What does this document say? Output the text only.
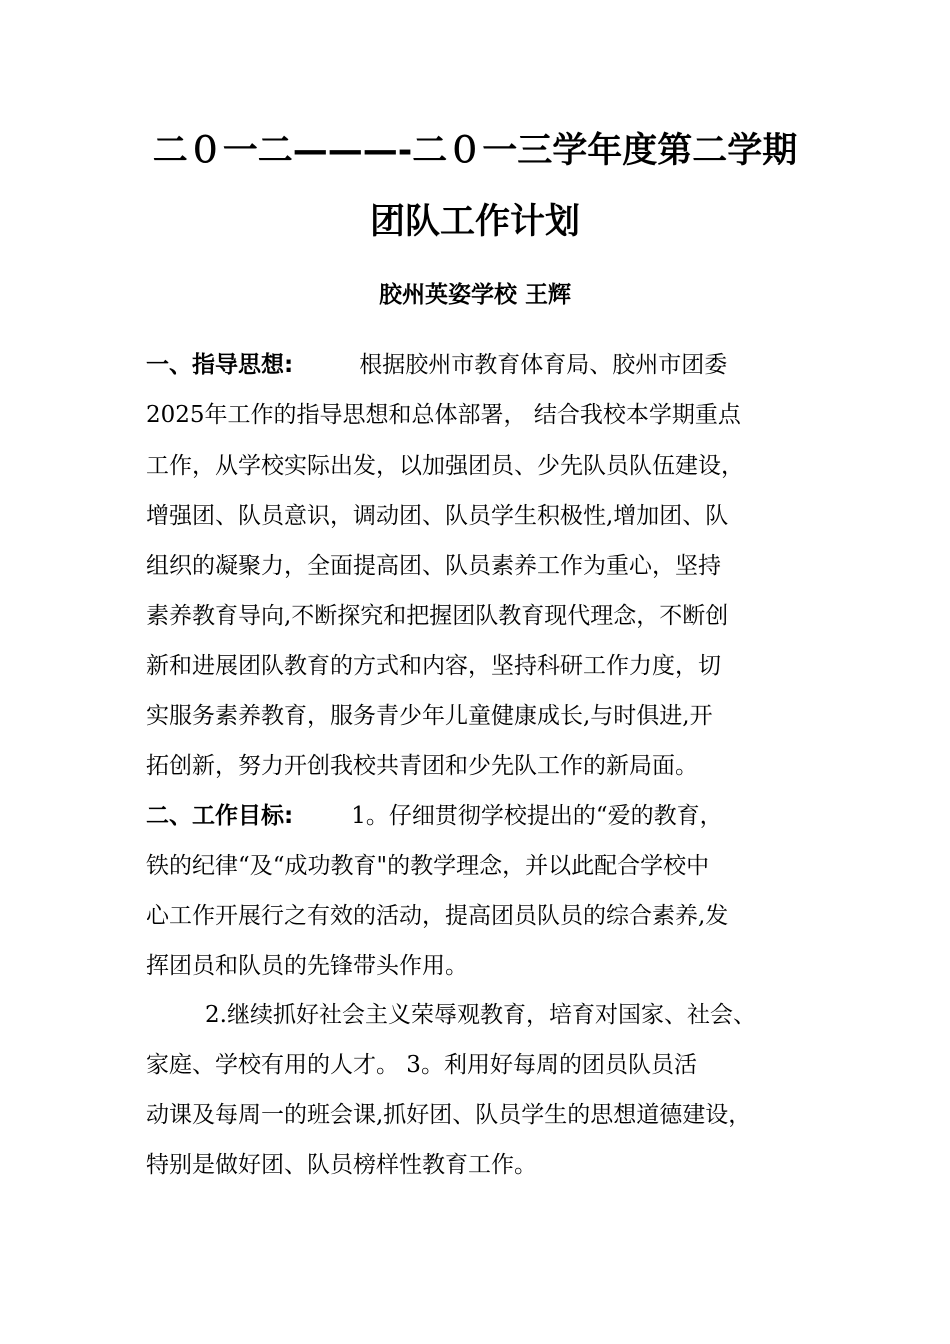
二０一二———-二０一三学年度第二学期
团队工作计划
胶州英姿学校 王辉
一、指导思想:	根据胶州市教育体育局、胶州市团委
2025年工作的指导思想和总体部署， 结合我校本学期重点
工作，从学校实际出发，以加强团员、少先队员队伍建设，
增强团、队员意识，调动团、队员学生积极性,增加团、队
组织的凝聚力，全面提高团、队员素养工作为重心，坚持
素养教育导向,不断探究和把握团队教育现代理念，不断创
新和进展团队教育的方式和内容，坚持科研工作力度，切
实服务素养教育，服务青少年儿童健康成长,与时俱进,开
拓创新，努力开创我校共青团和少先队工作的新局面。
二、工作目标:	1。仔细贯彻学校提出的“爱的教育，
铁的纪律“及“成功教育"的教学理念，并以此配合学校中
心工作开展行之有效的活动，提高团员队员的综合素养,发
挥团员和队员的先锋带头作用。
2.继续抓好社会主义荣辱观教育，培育对国家、社会、
家庭、学校有用的人才。 3。利用好每周的团员队员活
动课及每周一的班会课,抓好团、队员学生的思想道德建设，
特别是做好团、队员榜样性教育工作。
